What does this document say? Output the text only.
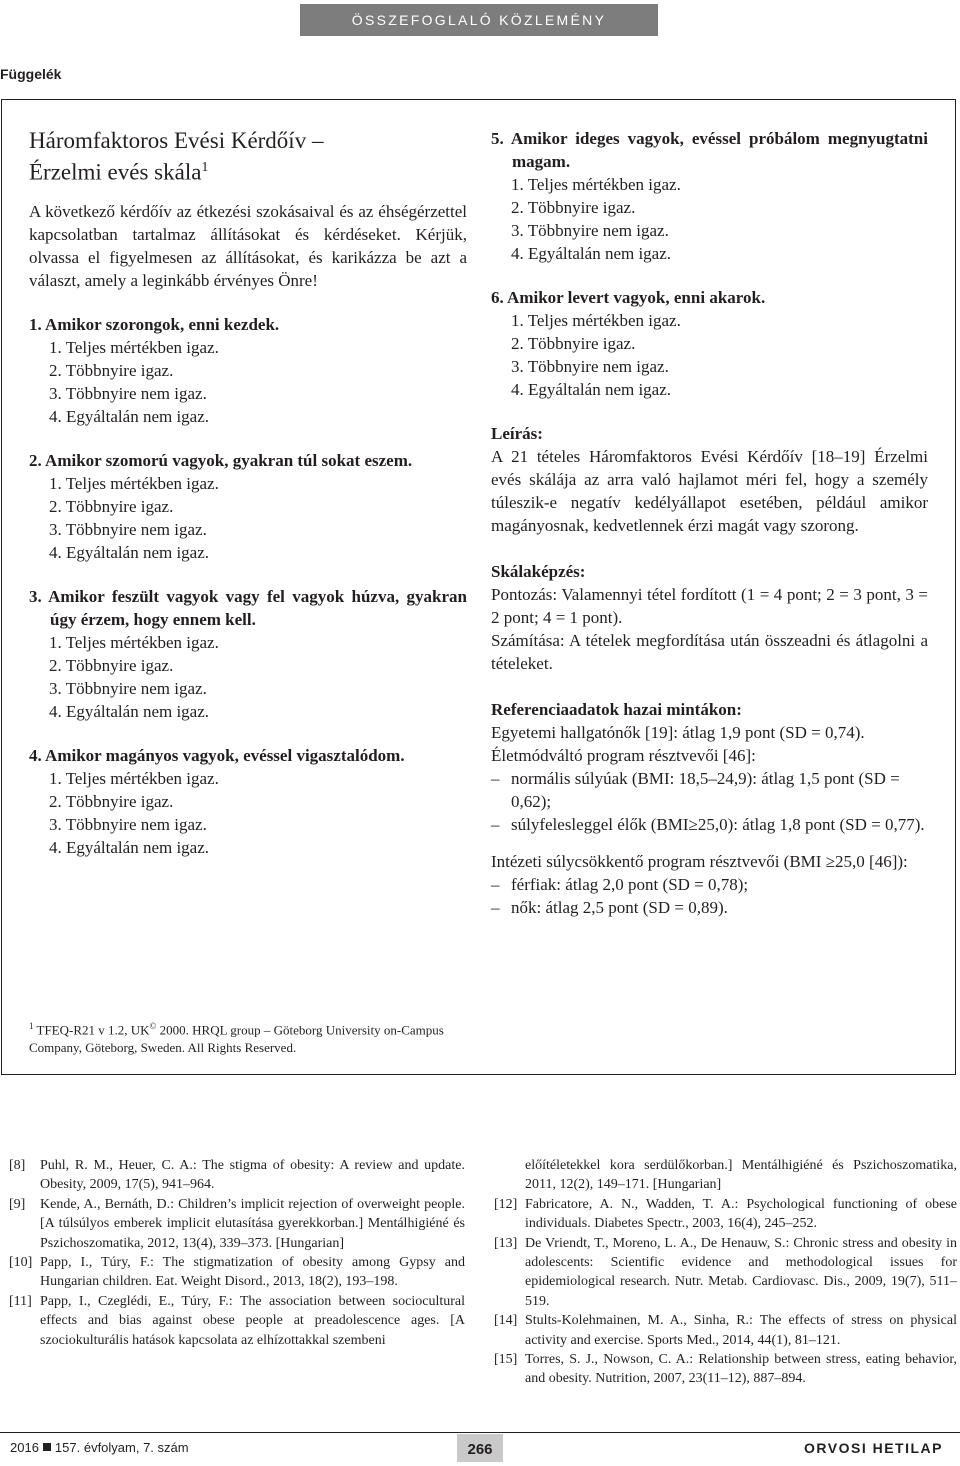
ÖSSZEFOGLALÓ KÖZLEMÉNY
Függelék
Háromfaktoros Evési Kérdőív –
Érzelmi evés skála$^1$
A következő kérdőív az étkezési szokásaival és az éhségérzettel kapcsolatban tartalmaz állításokat és kérdéseket. Kérjük, olvassa el figyelmesen az állításokat, és karikázza be azt a választ, amely a leginkább érvényes Önre!
1. Amikor szorongok, enni kezdek.
1. Teljes mértékben igaz.
2. Többnyire igaz.
3. Többnyire nem igaz.
4. Egyáltalán nem igaz.
2. Amikor szomorú vagyok, gyakran túl sokat eszem.
1. Teljes mértékben igaz.
2. Többnyire igaz.
3. Többnyire nem igaz.
4. Egyáltalán nem igaz.
3. Amikor feszült vagyok vagy fel vagyok húzva, gyakran úgy érzem, hogy ennem kell.
1. Teljes mértékben igaz.
2. Többnyire igaz.
3. Többnyire nem igaz.
4. Egyáltalán nem igaz.
4. Amikor magányos vagyok, evéssel vigasztalódom.
1. Teljes mértékben igaz.
2. Többnyire igaz.
3. Többnyire nem igaz.
4. Egyáltalán nem igaz.
$^1$ TFEQ-R21 v 1.2, UK© 2000. HRQL group – Göteborg University on-Campus Company, Göteborg, Sweden. All Rights Reserved.
5. Amikor ideges vagyok, evéssel próbálom megnyugtatni magam.
1. Teljes mértékben igaz.
2. Többnyire igaz.
3. Többnyire nem igaz.
4. Egyáltalán nem igaz.
6. Amikor levert vagyok, enni akarok.
1. Teljes mértékben igaz.
2. Többnyire igaz.
3. Többnyire nem igaz.
4. Egyáltalán nem igaz.
Leírás:
A 21 tételes Háromfaktoros Evési Kérdőív [18–19] Érzelmi evés skálája az arra való hajlamot méri fel, hogy a személy túleszik-e negatív kedélyállapot esetében, például amikor magányosnak, kedvetlennek érzi magát vagy szorong.
Skálaképzés:
Pontozás: Valamennyi tétel fordított (1 = 4 pont; 2 = 3 pont, 3 = 2 pont; 4 = 1 pont).
Számítása: A tételek megfordítása után összeadni és átlagolni a tételeket.
Referenciaadatok hazai mintákon:
Egyetemi hallgatónők [19]: átlag 1,9 pont (SD = 0,74).
Életmódváltó program résztvevői [46]:
– normális súlyúak (BMI: 18,5–24,9): átlag 1,5 pont (SD = 0,62);
– súlyfelesleggel élők (BMI≥25,0): átlag 1,8 pont (SD = 0,77).
Intézeti súlycsökkentő program résztvevői (BMI ≥25,0 [46]):
– férfiak: átlag 2,0 pont (SD = 0,78);
– nők: átlag 2,5 pont (SD = 0,89).
[8]	Puhl, R. M., Heuer, C. A.: The stigma of obesity: A review and update. Obesity, 2009, 17(5), 941–964.
[9]	Kende, A., Bernáth, D.: Children’s implicit rejection of overweight people. [A túlsúlyos emberek implicit elutasítása gyerekkorban.] Mentálhigiéné és Pszichoszomatika, 2012, 13(4), 339–373. [Hungarian]
[10] Papp, I., Túry, F.: The stigmatization of obesity among Gypsy and Hungarian children. Eat. Weight Disord., 2013, 18(2), 193–198.
[11] Papp, I., Czeglédi, E., Túry, F.: The association between sociocultural effects and bias against obese people at preadolescence ages. [A szociokulturális hatások kapcsolata az elhízottakkal szembeni
előítéletekkel kora serdülőkorban.] Mentálhigiéné és Pszichoszomatika, 2011, 12(2), 149–171. [Hungarian]
[12] Fabricatore, A. N., Wadden, T. A.: Psychological functioning of obese individuals. Diabetes Spectr., 2003, 16(4), 245–252.
[13] De Vriendt, T., Moreno, L. A., De Henauw, S.: Chronic stress and obesity in adolescents: Scientific evidence and methodological issues for epidemiological research. Nutr. Metab. Cardiovasc. Dis., 2009, 19(7), 511–519.
[14] Stults-Kolehmainen, M. A., Sinha, R.: The effects of stress on physical activity and exercise. Sports Med., 2014, 44(1), 81–121.
[15] Torres, S. J., Nowson, C. A.: Relationship between stress, eating behavior, and obesity. Nutrition, 2007, 23(11–12), 887–894.
2016 157. évfolyam, 7. szám	266	ORVOSI HETILAP
